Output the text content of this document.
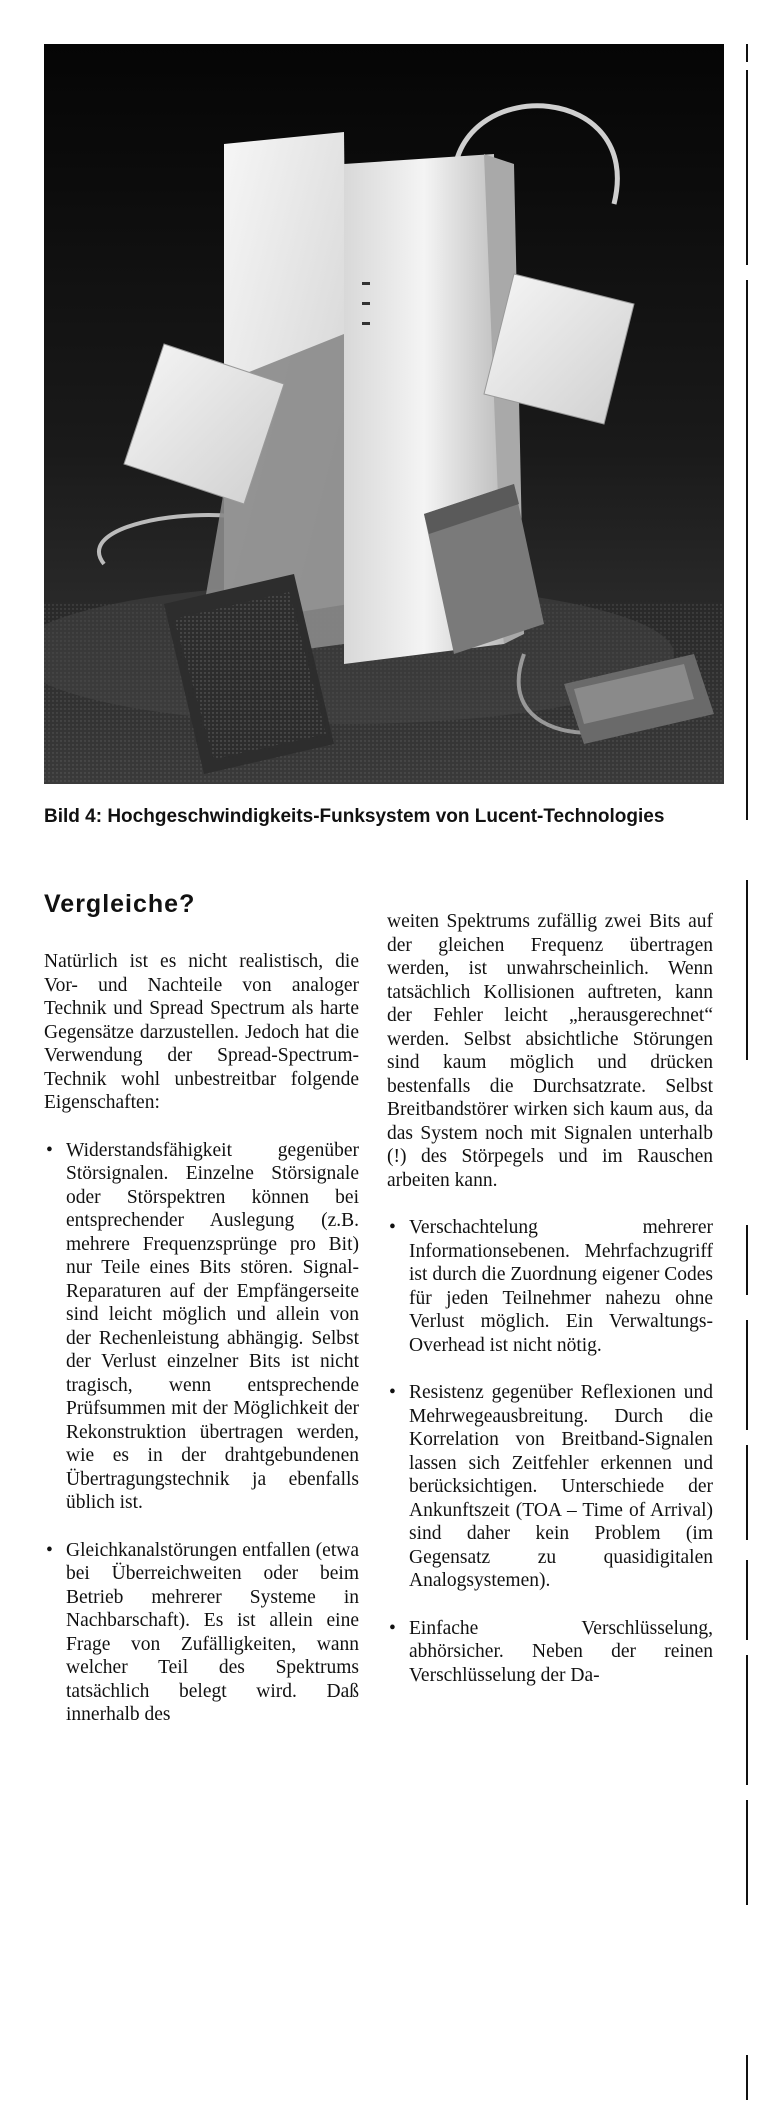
Bild 4: Hochgeschwindigkeits-Funksystem von Lucent-Technologies
Vergleiche?

Natürlich ist es nicht realistisch, die Vor- und Nachteile von analoger Technik und Spread Spectrum als harte Gegensätze darzustellen. Jedoch hat die Verwendung der Spread-Spectrum-Technik wohl unbestreitbar folgende Eigenschaften:

• Widerstandsfähigkeit gegenüber Störsignalen. Einzelne Störsignale oder Störspektren können bei entsprechender Auslegung (z.B. mehrere Frequenzsprünge pro Bit) nur Teile eines Bits stören. Signal-Reparaturen auf der Empfängerseite sind leicht möglich und allein von der Rechenleistung abhängig. Selbst der Verlust einzelner Bits ist nicht tragisch, wenn entsprechende Prüfsummen mit der Möglichkeit der Rekonstruktion übertragen werden, wie es in der drahtgebundenen Übertragungstechnik ja ebenfalls üblich ist.
• Gleichkanalstörungen entfallen (etwa bei Überreichweiten oder beim Betrieb mehrerer Systeme in Nachbarschaft). Es ist allein eine Frage von Zufälligkeiten, wann welcher Teil des Spektrums tatsächlich belegt wird. Daß innerhalb des

weiten Spektrums zufällig zwei Bits auf der gleichen Frequenz übertragen werden, ist unwahrscheinlich. Wenn tatsächlich Kollisionen auftreten, kann der Fehler leicht „herausgerechnet“ werden. Selbst absichtliche Störungen sind kaum möglich und drücken bestenfalls die Durchsatzrate. Selbst Breitbandstörer wirken sich kaum aus, da das System noch mit Signalen unterhalb (!) des Störpegels und im Rauschen arbeiten kann.

• Verschachtelung mehrerer Informationsebenen. Mehrfachzugriff ist durch die Zuordnung eigener Codes für jeden Teilnehmer nahezu ohne Verlust möglich. Ein Verwaltungs-Overhead ist nicht nötig.
• Resistenz gegenüber Reflexionen und Mehrwegeausbreitung. Durch die Korrelation von Breitband-Signalen lassen sich Zeitfehler erkennen und berücksichtigen. Unterschiede der Ankunftszeit (TOA – Time of Arrival) sind daher kein Problem (im Gegensatz zu quasidigitalen Analogsystemen).
• Einfache Verschlüsselung, abhörsicher. Neben der reinen Verschlüsselung der Da-
